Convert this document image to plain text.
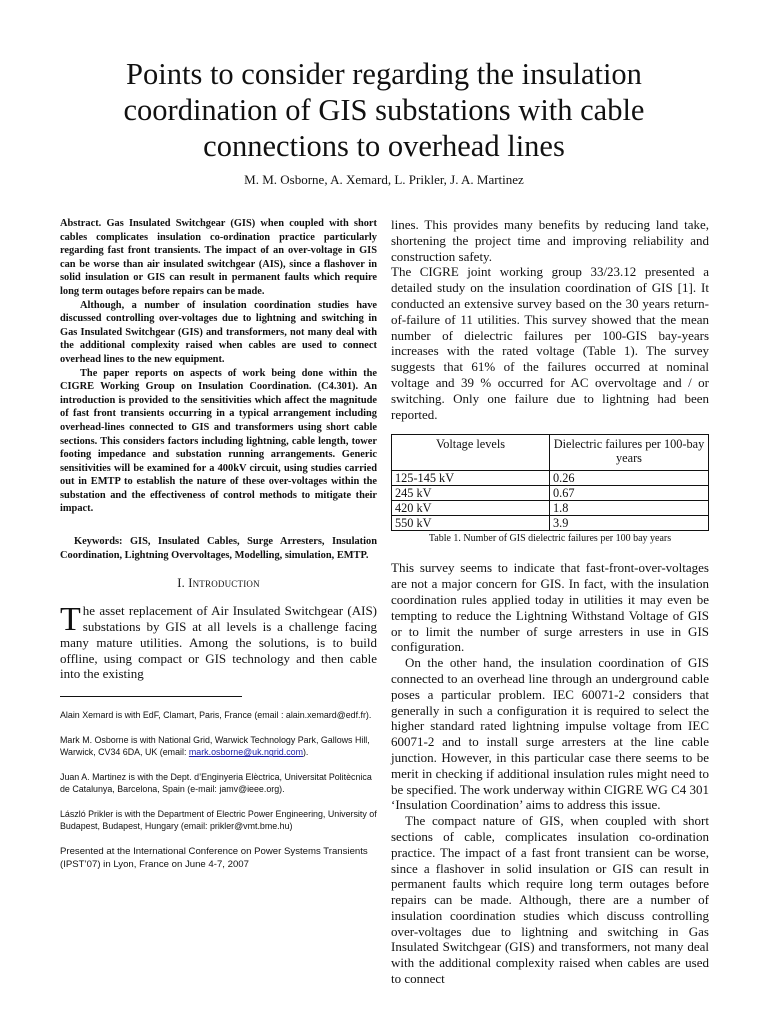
Points to consider regarding the insulation coordination of GIS substations with cable connections to overhead lines
M. M. Osborne, A. Xemard, L. Prikler, J. A. Martinez

Abstract. Gas Insulated Switchgear (GIS) when coupled with short cables complicates insulation co-ordination practice particularly regarding fast front transients. The impact of an over-voltage in GIS can be worse than air insulated switchgear (AIS), since a flashover in solid insulation or GIS can result in permanent faults which require long term outages before repairs can be made.

Although, a number of insulation coordination studies have discussed controlling over-voltages due to lightning and switching in Gas Insulated Switchgear (GIS) and transformers, not many deal with the additional complexity raised when cables are used to connect overhead lines to the new equipment.

The paper reports on aspects of work being done within the CIGRE Working Group on Insulation Coordination. (C4.301). An introduction is provided to the sensitivities which affect the magnitude of fast front transients occurring in a typical arrangement including overhead-lines connected to GIS and transformers using short cable sections. This considers factors including lightning, cable length, tower footing impedance and substation running arrangements. Generic sensitivities will be examined for a 400kV circuit, using studies carried out in EMTP to establish the nature of these over-voltages within the substation and the effectiveness of control methods to mitigate their impact.

Keywords: GIS, Insulated Cables, Surge Arresters, Insulation Coordination, Lightning Overvoltages, Modelling, simulation, EMTP.

I. Introduction

The asset replacement of Air Insulated Switchgear (AIS) substations by GIS at all levels is a challenge facing many mature utilities. Among the solutions, is to build offline, using compact or GIS technology and then cable into the existing

Alain Xemard is with EdF, Clamart, Paris, France (email : alain.xemard@edf.fr).

Mark M. Osborne is with National Grid, Warwick Technology Park, Gallows Hill, Warwick, CV34 6DA, UK (email: mark.osborne@uk.ngrid.com).

Juan A. Martinez is with the Dept. d’Enginyeria Elèctrica, Universitat Politècnica de Catalunya, Barcelona, Spain (e-mail: jamv@ieee.org).

László Prikler is with the Department of Electric Power Engineering, University of Budapest, Budapest, Hungary (email: prikler@vmt.bme.hu)

Presented at the International Conference on Power Systems Transients (IPST’07) in Lyon, France on June 4-7, 2007

lines. This provides many benefits by reducing land take, shortening the project time and improving reliability and construction safety.

The CIGRE joint working group 33/23.12 presented a detailed study on the insulation coordination of GIS [1]. It conducted an extensive survey based on the 30 years return-of-failure of 11 utilities. This survey showed that the mean number of dielectric failures per 100-GIS bay-years increases with the rated voltage (Table 1). The survey suggests that 61% of the failures occurred at nominal voltage and 39 % occurred for AC overvoltage and / or switching. Only one failure due to lightning had been reported.

Voltage levels	Dielectric failures per 100-bay years
125-145 kV	0.26
245 kV	0.67
420 kV	1.8
550 kV	3.9
Table 1. Number of GIS dielectric failures per 100 bay years

This survey seems to indicate that fast-front-over-voltages are not a major concern for GIS. In fact, with the insulation coordination rules applied today in utilities it may even be tempting to reduce the Lightning Withstand Voltage of GIS or to limit the number of surge arresters in use in GIS configuration.

On the other hand, the insulation coordination of GIS connected to an overhead line through an underground cable poses a particular problem. IEC 60071-2 considers that generally in such a configuration it is required to select the higher standard rated lightning impulse voltage from IEC 60071-2 and to install surge arresters at the line cable junction. However, in this particular case there seems to be merit in checking if additional insulation rules might need to be specified. The work underway within CIGRE WG C4 301 ‘Insulation Coordination’ aims to address this issue.

The compact nature of GIS, when coupled with short sections of cable, complicates insulation co-ordination practice. The impact of a fast front transient can be worse, since a flashover in solid insulation or GIS can result in permanent faults which require long term outages before repairs can be made. Although, there are a number of insulation coordination studies which discuss controlling over-voltages due to lightning and switching in Gas Insulated Switchgear (GIS) and transformers, not many deal with the additional complexity raised when cables are used to connect
